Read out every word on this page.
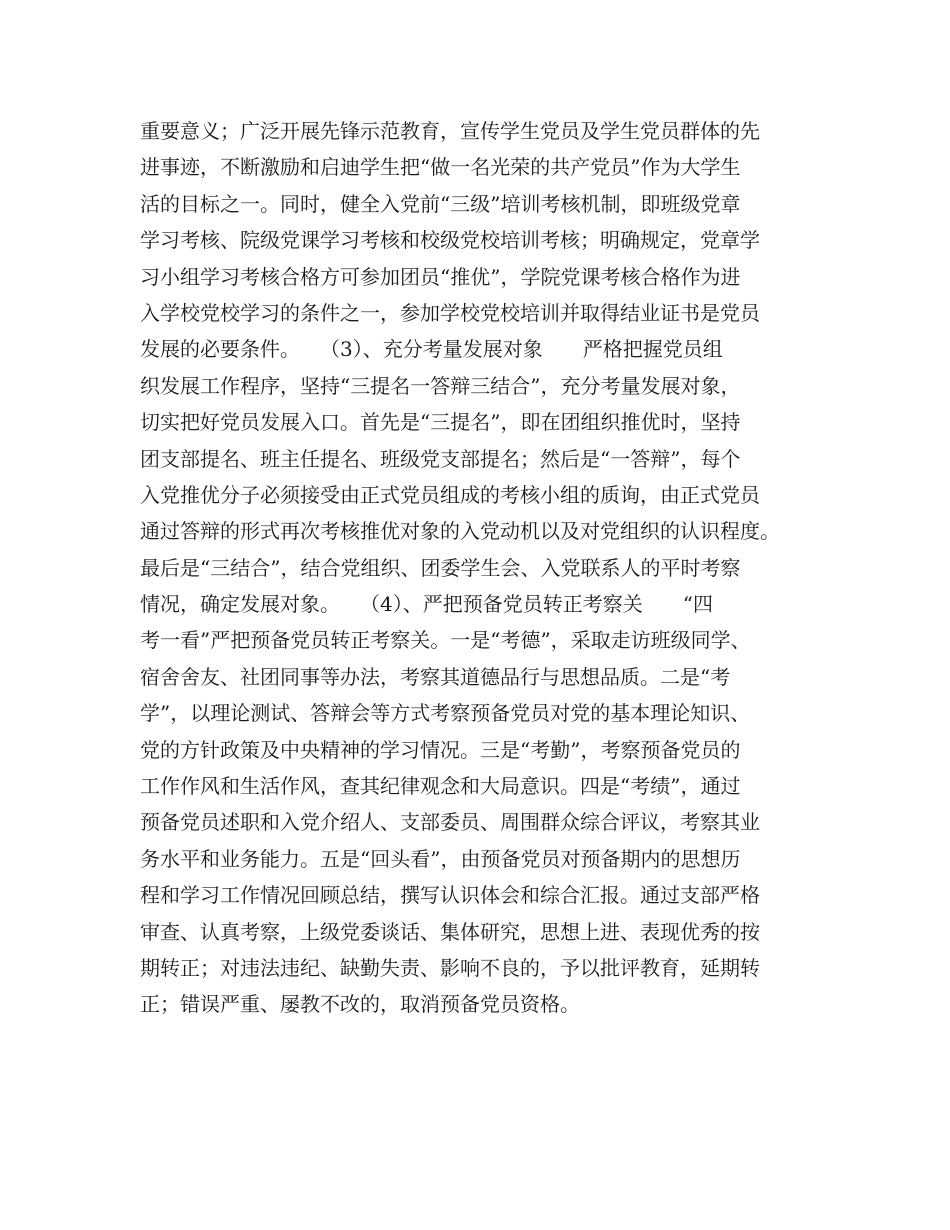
重要意义；广泛开展先锋示范教育，宣传学生党员及学生党员群体的先
进事迹，不断激励和启迪学生把“做一名光荣的共产党员”作为大学生
活的目标之一。同时，健全入党前“三级”培训考核机制，即班级党章
学习考核、院级党课学习考核和校级党校培训考核；明确规定，党章学
习小组学习考核合格方可参加团员“推优”，学院党课考核合格作为进
入学校党校学习的条件之一，参加学校党校培训并取得结业证书是党员
发展的必要条件。　　（3）、充分考量发展对象　　严格把握党员组
织发展工作程序，坚持“三提名一答辩三结合”，充分考量发展对象，
切实把好党员发展入口。首先是“三提名”，即在团组织推优时，坚持
团支部提名、班主任提名、班级党支部提名；然后是“一答辩”，每个
入党推优分子必须接受由正式党员组成的考核小组的质询，由正式党员
通过答辩的形式再次考核推优对象的入党动机以及对党组织的认识程度。
最后是“三结合”，结合党组织、团委学生会、入党联系人的平时考察
情况，确定发展对象。　　（4）、严把预备党员转正考察关　　“四
考一看”严把预备党员转正考察关。一是“考德”，采取走访班级同学、
宿舍舍友、社团同事等办法，考察其道德品行与思想品质。二是“考
学”，以理论测试、答辩会等方式考察预备党员对党的基本理论知识、
党的方针政策及中央精神的学习情况。三是“考勤”，考察预备党员的
工作作风和生活作风，查其纪律观念和大局意识。四是“考绩”，通过
预备党员述职和入党介绍人、支部委员、周围群众综合评议，考察其业
务水平和业务能力。五是“回头看”，由预备党员对预备期内的思想历
程和学习工作情况回顾总结，撰写认识体会和综合汇报。通过支部严格
审查、认真考察，上级党委谈话、集体研究，思想上进、表现优秀的按
期转正；对违法违纪、缺勤失责、影响不良的，予以批评教育，延期转
正；错误严重、屡教不改的，取消预备党员资格。
